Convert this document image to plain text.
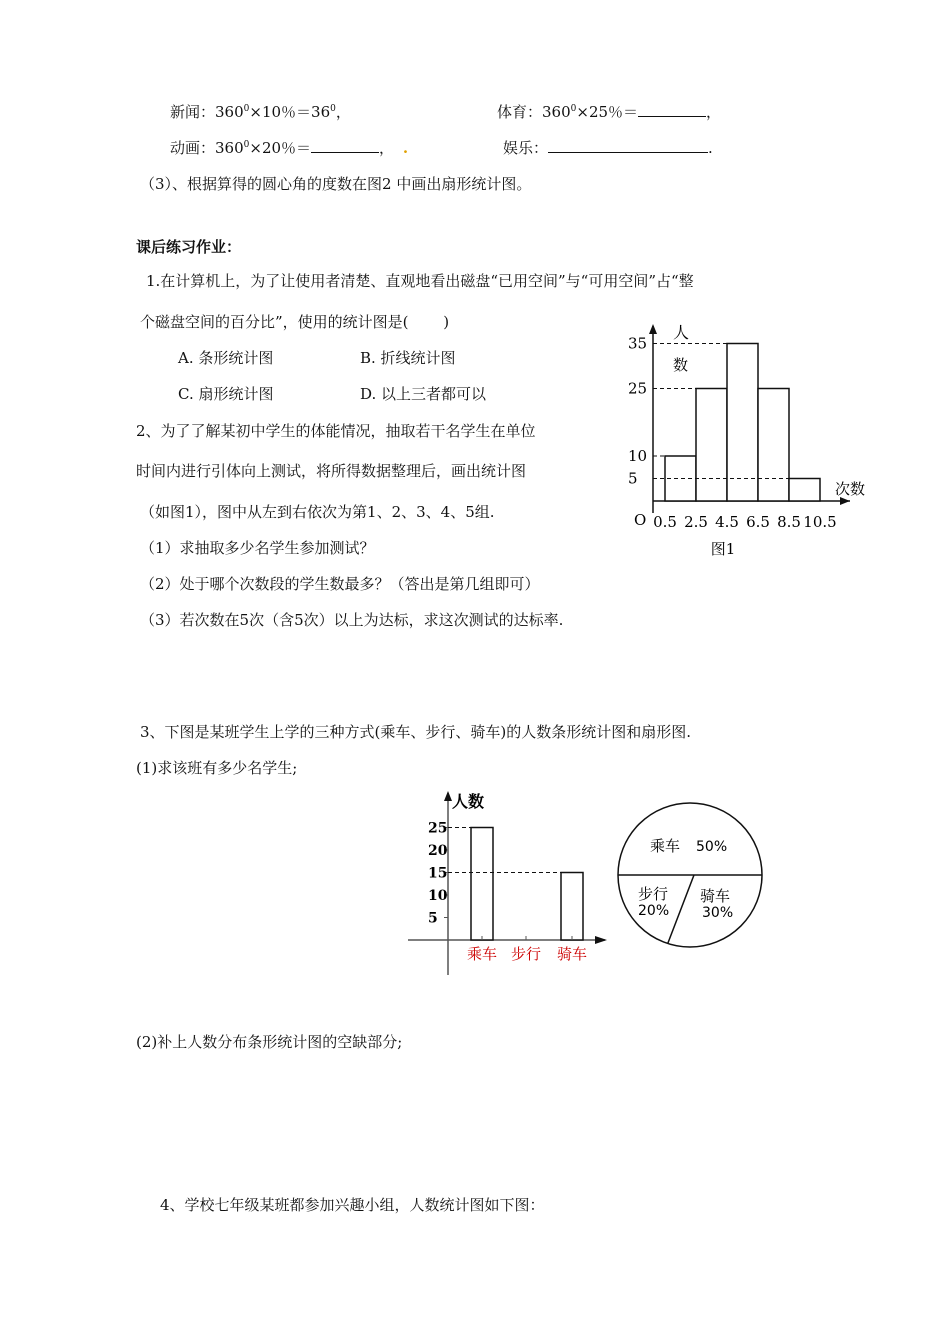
新闻：$360^0\times 10$％$=36^0$，	体育：$360^0\times 25$％＝	，
动画：$360^0\times 20$％＝	， .	娱乐：	.
（3）、根据算得的圆心角的度数在图2 中画出扇形统计图。
课后练习作业：
1.在计算机上，为了让使用者清楚、直观地看出磁盘“已用空间”与“可用空间”占“整
个磁盘空间的百分比”，使用的统计图是(　　 )
A. 条形统计图	B. 折线统计图
C. 扇形统计图	D. 以上三者都可以
2、为了了解某初中学生的体能情况，抽取若干名学生在单位
时间内进行引体向上测试，将所得数据整理后，画出统计图
（如图1），图中从左到右依次为第1、2、3、4、5组.
（1）求抽取多少名学生参加测试？
（2）处于哪个次数段的学生数最多？（答出是第几组即可）
（3）若次数在5次（含5次）以上为达标，求这次测试的达标率.
3、下图是某班学生上学的三种方式(乘车、步行、骑车)的人数条形统计图和扇形图.
(1)求该班有多少名学生;
(2)补上人数分布条形统计图的空缺部分;
4、学校七年级某班都参加兴趣小组，人数统计图如下图：
人
数
次数
O
5
10
25
35
0.5 2.5 4.5 6.5 8.5 10.5
图1
人数
5
10
15
20
25
乘车 步行 骑车
乘车 50%
步行
20%
骑车
30%
